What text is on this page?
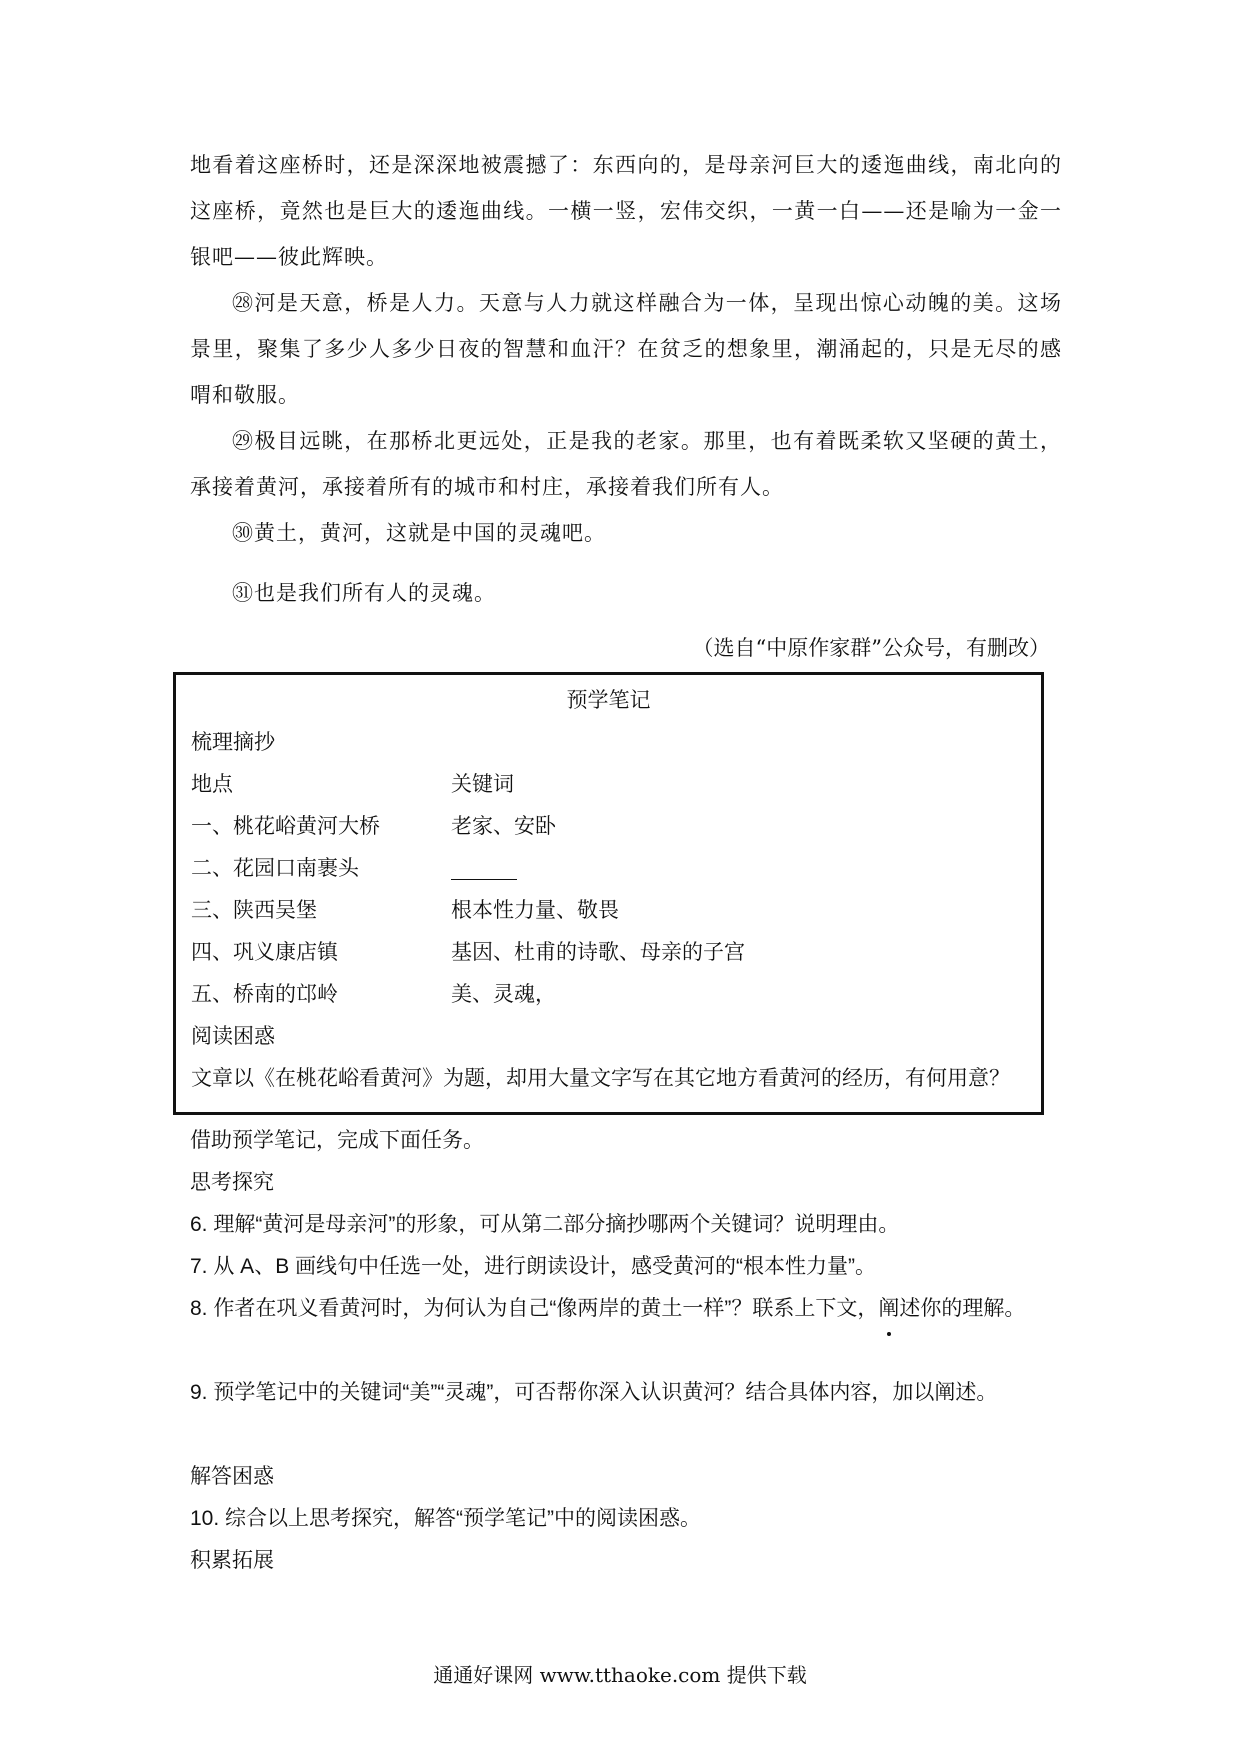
地看着这座桥时，还是深深地被震撼了：东西向的，是母亲河巨大的逶迤曲线，南北向的这座桥，竟然也是巨大的逶迤曲线。一横一竖，宏伟交织，一黄一白——还是喻为一金一银吧——彼此辉映。

㉘河是天意，桥是人力。天意与人力就这样融合为一体，呈现出惊心动魄的美。这场景里，聚集了多少人多少日夜的智慧和血汗？在贫乏的想象里，潮涌起的，只是无尽的感喟和敬服。

㉙极目远眺，在那桥北更远处，正是我的老家。那里，也有着既柔软又坚硬的黄土，承接着黄河，承接着所有的城市和村庄，承接着我们所有人。

㉚黄土，黄河，这就是中国的灵魂吧。

㉛也是我们所有人的灵魂。

（选自“中原作家群”公众号，有删改）
预学笔记
梳理摘抄
地点	关键词
一、桃花峪黄河大桥	老家、安卧
二、花园口南裹头
三、陕西吴堡	根本性力量、敬畏
四、巩义康店镇	基因、杜甫的诗歌、母亲的子宫
五、桥南的邙岭	美、灵魂，
阅读困惑
文章以《在桃花峪看黄河》为题，却用大量文字写在其它地方看黄河的经历，有何用意？

借助预学笔记，完成下面任务。

思考探究

6. 理解“黄河是母亲河”的形象，可从第二部分摘抄哪两个关键词？说明理由。

7. 从 A、B 画线句中任选一处，进行朗读设计，感受黄河的“根本性力量”。

8. 作者在巩义看黄河时，为何认为自己“像两岸的黄土一样”？联系上下文，阐述你的理解。

9. 预学笔记中的关键词“美”“灵魂”，可否帮你深入认识黄河？结合具体内容，加以阐述。

解答困惑

10. 综合以上思考探究，解答“预学笔记”中的阅读困惑。

积累拓展

通通好课网 www.tthaoke.com 提供下载
